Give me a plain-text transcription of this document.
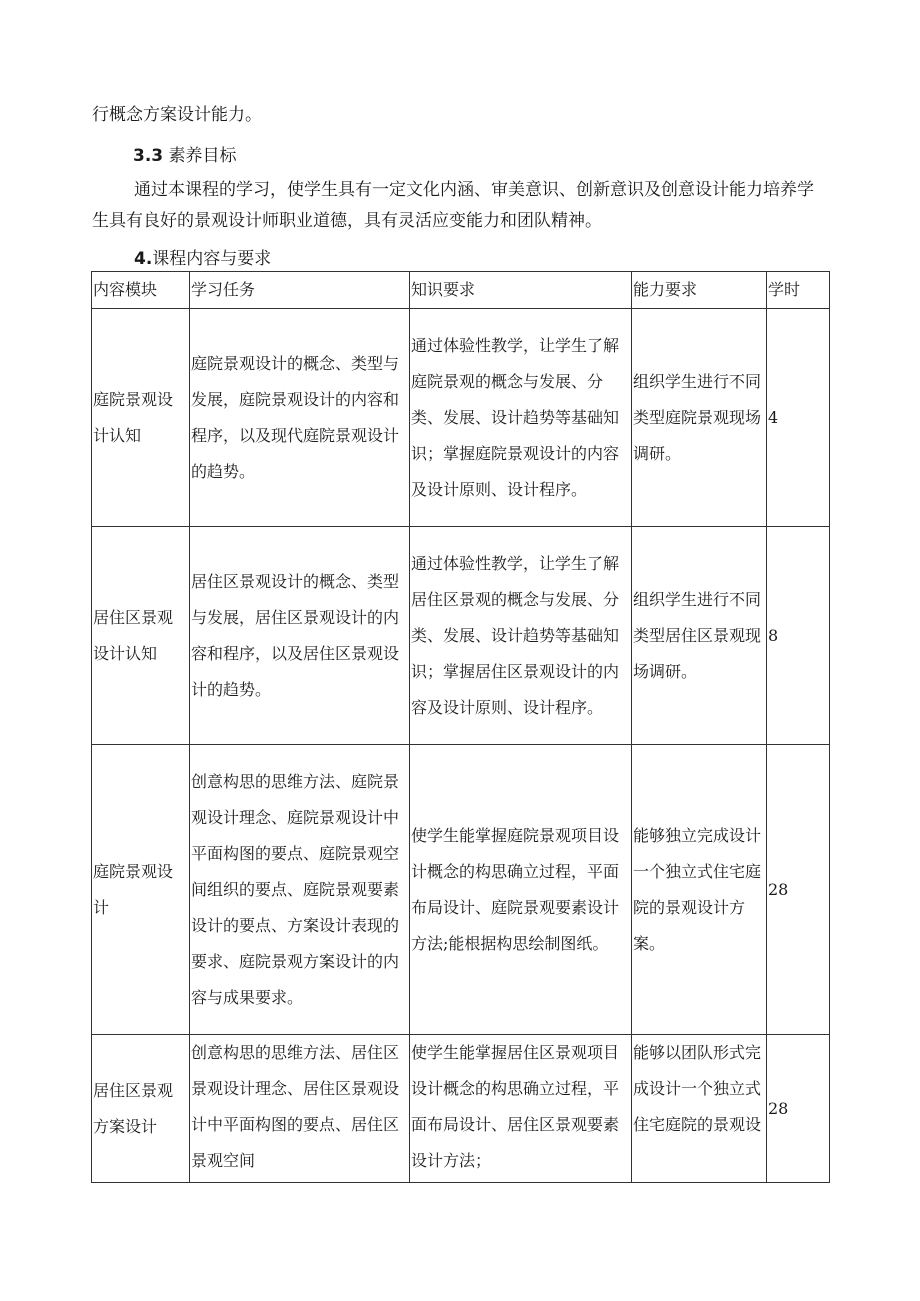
行概念方案设计能力。
3.3 素养目标
通过本课程的学习，使学生具有一定文化内涵、审美意识、创新意识及创意设计能力培养学
生具有良好的景观设计师职业道德，具有灵活应变能力和团队精神。
4.课程内容与要求
内容模块	学习任务	知识要求	能力要求	学时
庭院景观设计认知	庭院景观设计的概念、类型与发展，庭院景观设计的内容和程序，以及现代庭院景观设计的趋势。	通过体验性教学，让学生了解庭院景观的概念与发展、分类、发展、设计趋势等基础知识；掌握庭院景观设计的内容及设计原则、设计程序。	组织学生进行不同类型庭院景观现场调研。	4
居住区景观设计认知	居住区景观设计的概念、类型与发展，居住区景观设计的内容和程序，以及居住区景观设计的趋势。	通过体验性教学，让学生了解居住区景观的概念与发展、分类、发展、设计趋势等基础知识；掌握居住区景观设计的内容及设计原则、设计程序。	组织学生进行不同类型居住区景观现场调研。	8
庭院景观设计	创意构思的思维方法、庭院景观设计理念、庭院景观设计中平面构图的要点、庭院景观空间组织的要点、庭院景观要素设计的要点、方案设计表现的要求、庭院景观方案设计的内容与成果要求。	使学生能掌握庭院景观项目设计概念的构思确立过程，平面布局设计、庭院景观要素设计方法;能根据构思绘制图纸。	能够独立完成设计一个独立式住宅庭院的景观设计方案。	28
居住区景观方案设计	创意构思的思维方法、居住区景观设计理念、居住区景观设计中平面构图的要点、居住区景观空间	使学生能掌握居住区景观项目设计概念的构思确立过程，平面布局设计、居住区景观要素设计方法；	能够以团队形式完成设计一个独立式住宅庭院的景观设	28
